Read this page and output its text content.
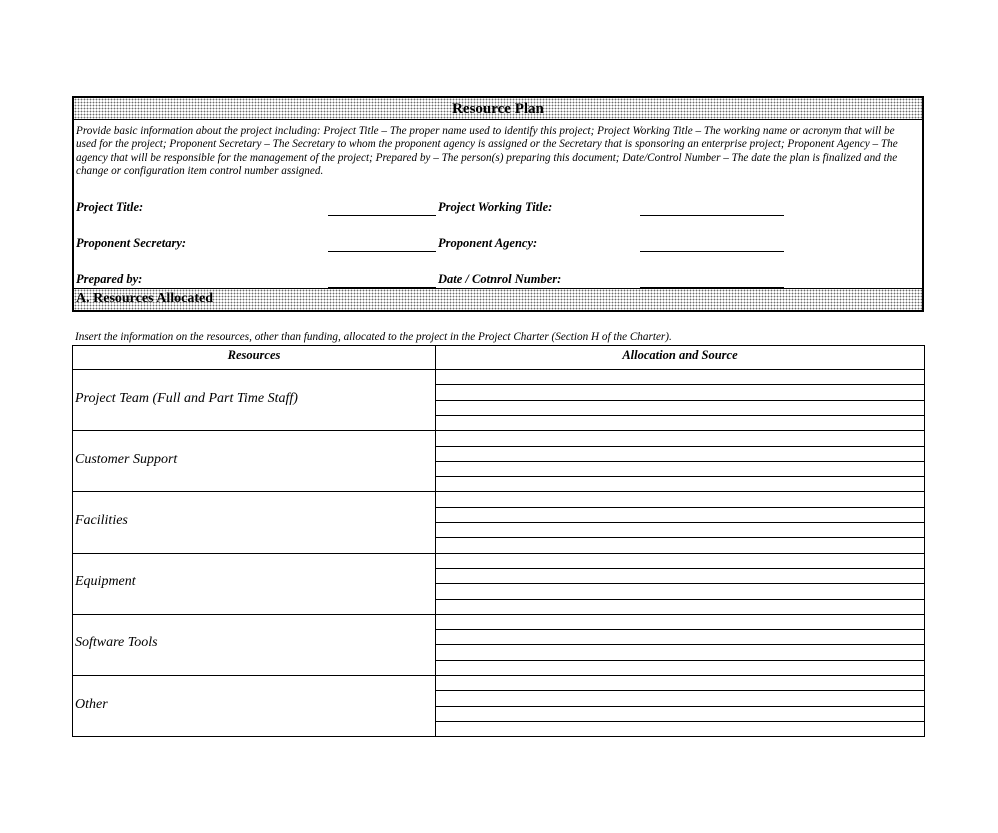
Resource Plan
Provide basic information about the project including: Project Title – The proper name used to identify this project; Project Working Title – The working name or acronym that will be used for the project; Proponent Secretary – The Secretary to whom the proponent agency is assigned or the Secretary that is sponsoring an enterprise project; Proponent Agency – The agency that will be responsible for the management of the project; Prepared by – The person(s) preparing this document; Date/Control Number – The date the plan is finalized and the change or configuration item control number assigned.
Project Title:	Project Working Title:
Proponent Secretary:	Proponent Agency:
Prepared by:	Date / Cotnrol Number:
A. Resources Allocated
Insert the information on the resources, other than funding, allocated to the project in the Project Charter (Section H of the Charter).
Resources	Allocation and Source
Project Team (Full and Part Time Staff)
Customer Support
Facilities
Equipment
Software Tools
Other
